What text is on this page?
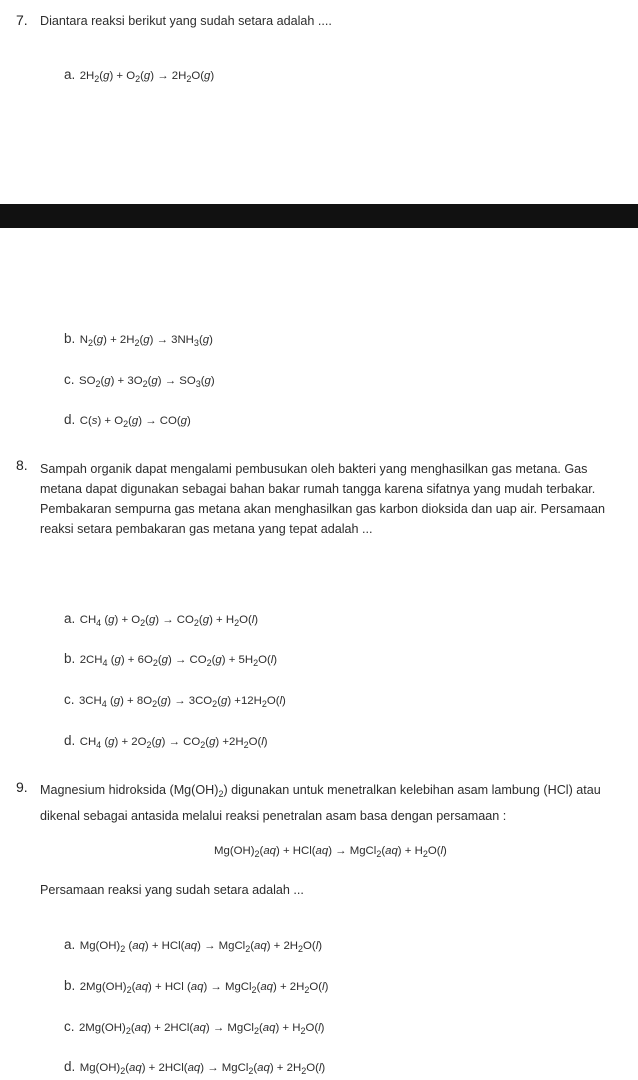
7. Diantara reaksi berikut yang sudah setara adalah ....
a. $2H_2(g) + O_2(g) \to 2H_2O(g)$
b. $N_2(g) + 2H_2(g) \to 3NH_3(g)$
c. $SO_2(g) + 3O_2(g) \to SO_3(g)$
d. $C(s) + O_2(g) \to CO(g)$
8. Sampah organik dapat mengalami pembusukan oleh bakteri yang menghasilkan gas metana. Gas metana dapat digunakan sebagai bahan bakar rumah tangga karena sifatnya yang mudah terbakar. Pembakaran sempurna gas metana akan menghasilkan gas karbon dioksida dan uap air. Persamaan reaksi setara pembakaran gas metana yang tepat adalah ...
a. $CH_4$ $(g) + O_2(g) \to CO_2(g) + H_2O(l)$
b. $2CH_4$ $(g) + 6O_2(g) \to CO_2(g) + 5H_2O(l)$
c. $3CH_4$ $(g) + 8O_2(g) \to 3CO_2(g) +12H_2O(l)$
d. $CH_4$ $(g) + 2O_2(g) \to CO_2(g) +2H_2O(l)$
9. Magnesium hidroksida $(Mg(OH)_2)$ digunakan untuk menetralkan kelebihan asam lambung (HCl) atau dikenal sebagai antasida melalui reaksi penetralan asam basa dengan persamaan :
$Mg(OH)_2(aq) + HCl(aq)$ → MgCl$_2$(aq) + $H_2O(l)$
Persamaan reaksi yang sudah setara adalah ...
a. $Mg(OH)_2$ (aq) + HCl(aq) → MgCl$_2$(aq) + $2H_2O(l)$
b. $2Mg(OH)_2(aq)$ + HCl (aq) → MgCl$_2$(aq) + $2H_2O(l)$
c. $2Mg(OH)_2(aq) + 2HCl(aq)$ → MgCl$_2$(aq) + $H_2O(l)$
d. $Mg(OH)_2(aq) + 2HCl(aq)$ → MgCl$_2$(aq) + $2H_2O(l)$
